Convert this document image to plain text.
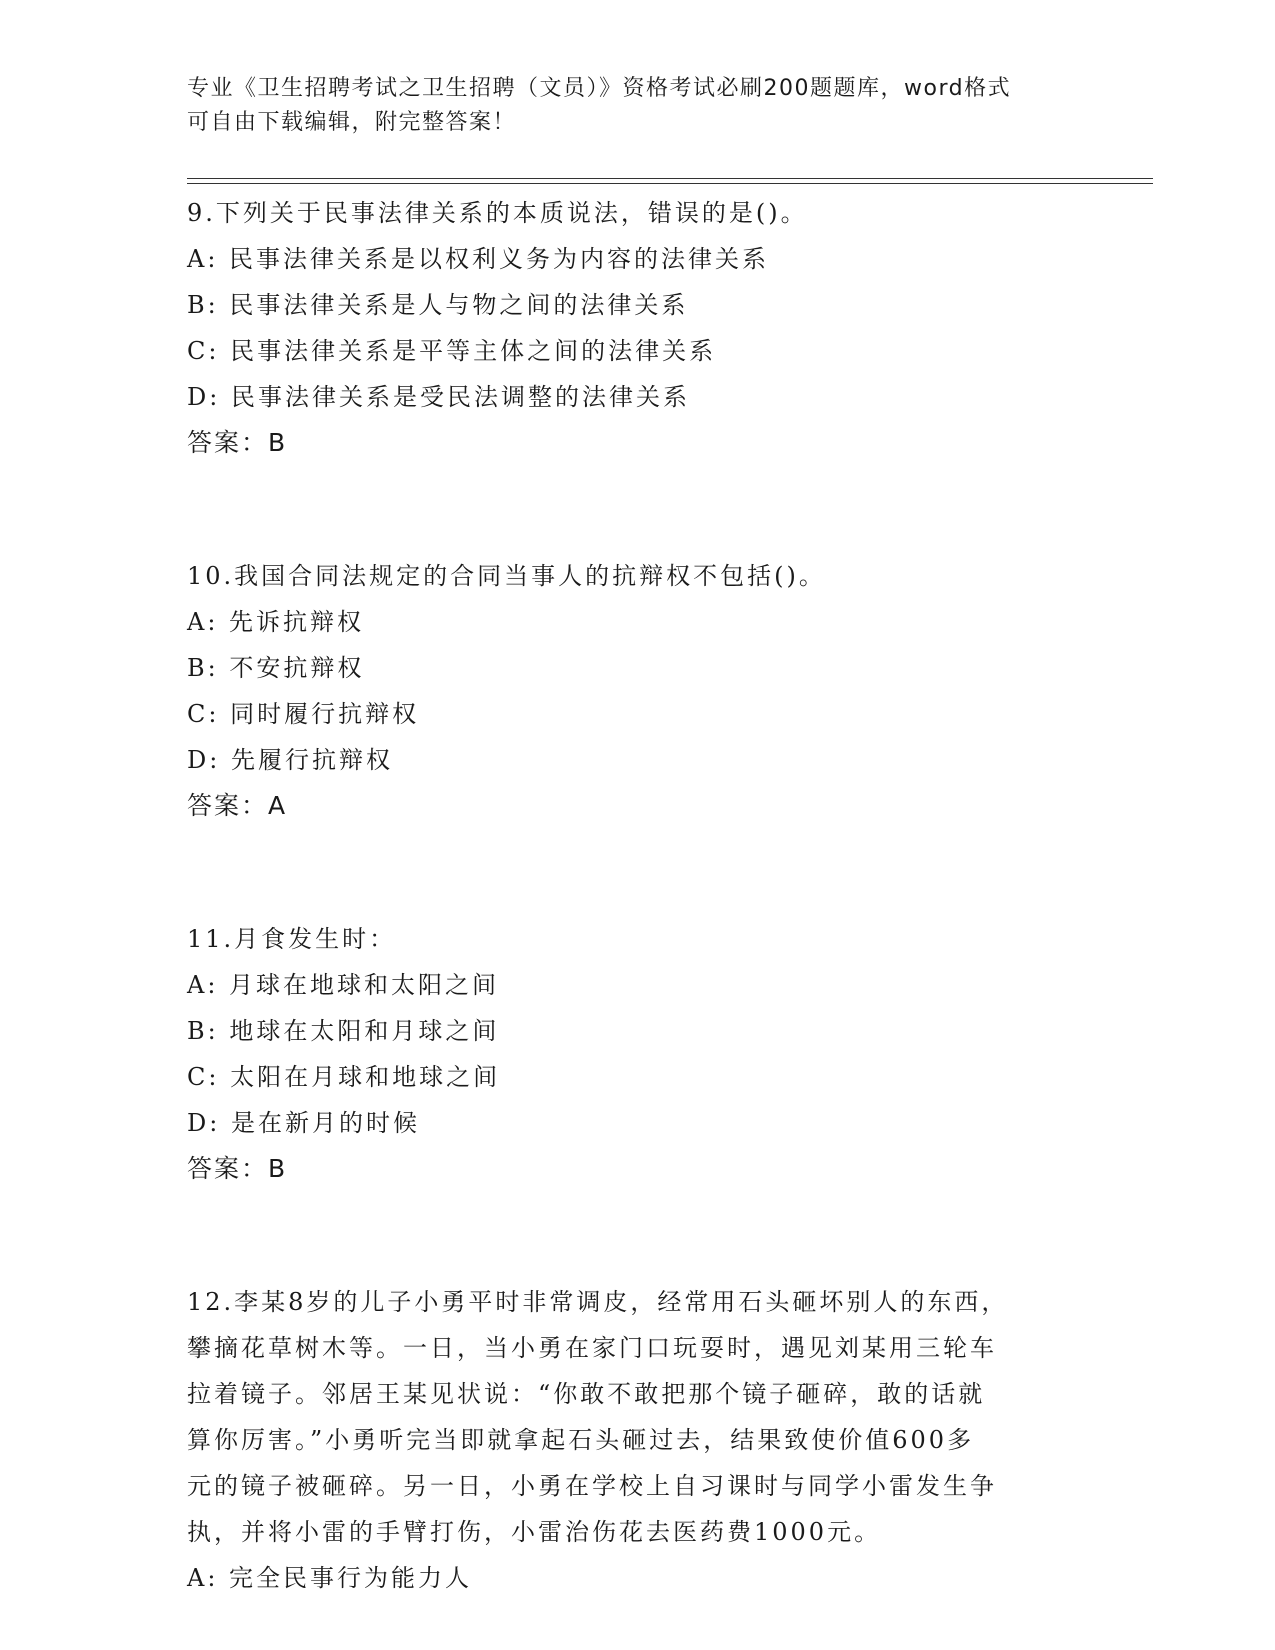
专业《卫生招聘考试之卫生招聘（文员）》资格考试必刷200题题库，word格式
可自由下载编辑，附完整答案！
9.下列关于民事法律关系的本质说法，错误的是()。
A: 民事法律关系是以权利义务为内容的法律关系
B: 民事法律关系是人与物之间的法律关系
C: 民事法律关系是平等主体之间的法律关系
D: 民事法律关系是受民法调整的法律关系
答案：B
10.我国合同法规定的合同当事人的抗辩权不包括()。
A: 先诉抗辩权
B: 不安抗辩权
C: 同时履行抗辩权
D: 先履行抗辩权
答案：A
11.月食发生时：
A: 月球在地球和太阳之间
B: 地球在太阳和月球之间
C: 太阳在月球和地球之间
D: 是在新月的时候
答案：B
12.李某8岁的儿子小勇平时非常调皮，经常用石头砸坏别人的东西，
攀摘花草树木等。一日，当小勇在家门口玩耍时，遇见刘某用三轮车
拉着镜子。邻居王某见状说：“你敢不敢把那个镜子砸碎，敢的话就
算你厉害。”小勇听完当即就拿起石头砸过去，结果致使价值600多
元的镜子被砸碎。另一日，小勇在学校上自习课时与同学小雷发生争
执，并将小雷的手臂打伤，小雷治伤花去医药费1000元。
A: 完全民事行为能力人
